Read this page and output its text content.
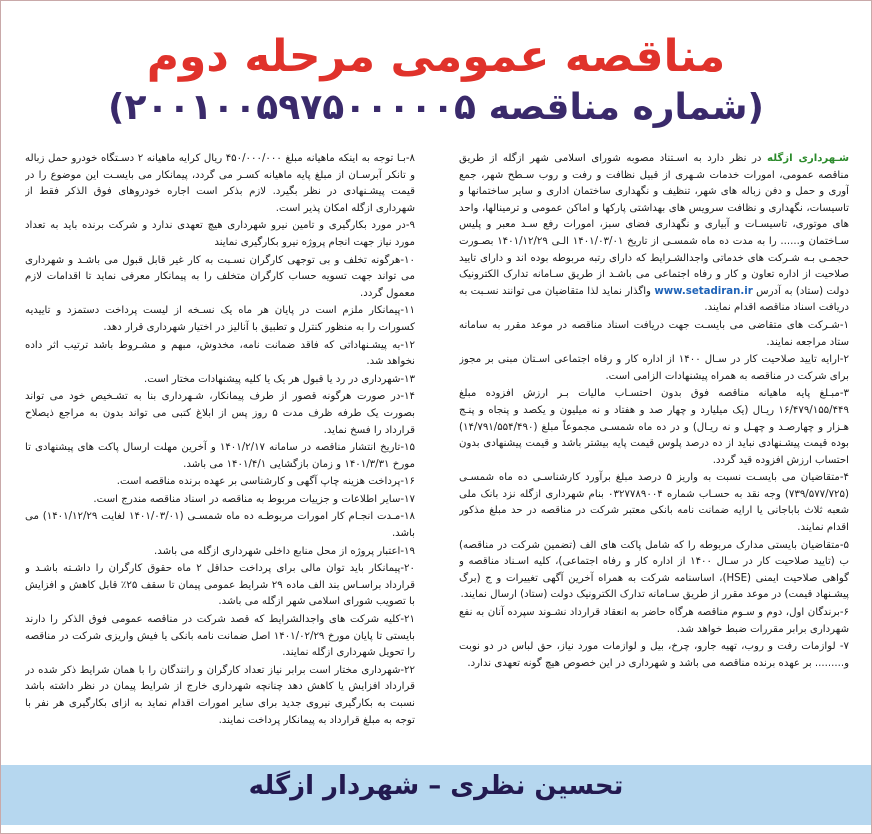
مناقصه عمومی مرحله دوم
(شماره مناقصه ۲۰۰۱۰۰۵۹۷۵۰۰۰۰۰۵)

شـهرداری ازگله در نظر دارد به اسـتناد مصوبه شورای اسلامی شهر ازگله از طریق مناقصه عمومی، امورات خدمات شـهری از قبیل نظافت و رفت و روب سـطح شهر، جمع آوری و حمل و دفن زباله های شهر، تنظیف و نگهداری ساختمان اداری و سایر ساختمانها و تاسیسات، نگهداری و نظافت سرویس های بهداشتی پارکها و اماکن عمومی و ترمینالها، واحد های موتوری، تاسیسـات و آبیاری و نگهداری فضای سبز، امورات رفع سـد معبر و پلیس سـاختمان و...... را به مدت ده ماه شمسـی از تاریخ ۱۴۰۱/۰۳/۰۱ الـی ۱۴۰۱/۱۲/۲۹ بصـورت حجمـی بـه شـرکت های خدماتی واجدالشـرایط که دارای رتبه مربوطه بوده اند و دارای تایید صلاحیت از اداره تعاون و کار و رفاه اجتماعی می باشـد از طریق سـامانه تدارک الکترونیک دولت (ستاد) به آدرس www.setadiran.ir واگذار نماید لذا متقاضیان می توانند نسـبت به دریافت اسناد مناقصه اقدام نمایند.

۱-شـرکت های متقاضی می بایسـت جهت دریافت اسناد مناقصه در موعد مقرر به سامانه ستاد مراجعه نمایند.

۲-ارایه تایید صلاحیت کار در سـال ۱۴۰۰ از اداره کار و رفاه اجتماعی اسـتان مبنی بر مجوز برای شرکت در مناقصه به همراه پیشنهادات الزامی است.

۳-مبـلغ پایه ماهیانه مناقصه فوق بدون احتسـاب مالیات بـر ارزش افزوده مبلغ ۱۶/۴۷۹/۱۵۵/۴۴۹ ریـال (یک میلیارد و چهار صد و هفتاد و نه میلیون و یکصد و پنجاه و پنـج هـزار و چهارصـد و چهـل و نه ریـال) و در ده ماه شمسـی مجموعاً مبلغ (۱۴/۷۹۱/۵۵۴/۴۹۰) بوده قیمت پیشـنهادی نباید از ده درصد پلوس قیمت پایه بیشتر باشد و قیمت پیشنهادی بدون احتساب ارزش افزوده قید گردد.

۴-متقاضیان می بایسـت نسبت به واریز ۵ درصد مبلغ برآورد کارشناسـی ده ماه شمسـی (۷۳۹/۵۷۷/۷۲۵) وجه نقد به حسـاب شماره ۰۳۲۷۷۸۹۰۰۴ بنام شهرداری ازگله نزد بانک ملی شعبه ثلاث باباجانی یا ارایه ضمانت نامه بانکی معتبر شرکت در مناقصه در حد مبلغ مذکور اقدام نمایند.

۵-متقاضیان بایستی مدارک مربوطه را که شامل پاکت های الف (تضمین شرکت در مناقصه) ب (تایید صلاحیت کار در سـال ۱۴۰۰ از اداره کار و رفاه اجتماعی)، کلیه اسـناد مناقصه و گواهی صلاحیت ایمنی (HSE)، اساسنامه شرکت به همراه آخرین آگهی تغییرات و ج (برگ پیشـنهاد قیمت) در موعد مقرر از طریق سـامانه تدارک الکترونیک دولت (ستاد) ارسال نمایند.

۶-برندگان اول، دوم و سـوم مناقصه هرگاه حاضر به انعقاد قرارداد نشـوند سپرده آنان به نفع شهرداری برابر مقررات ضبط خواهد شد.

۷- لوازمات رفت و روب، تهیه جارو، چرخ، بیل و لوازمات مورد نیاز، حق لباس در دو نوبت و......... بر عهده برنده مناقصه می باشد و شهرداری در این خصوص هیچ گونه تعهدی ندارد.

۸-بـا توجه به اینکه ماهیانه مبلغ ۴۵۰/۰۰۰/۰۰۰ ریال کرایه ماهیانه ۲ دسـتگاه خودرو حمل زباله و تانکر آبرسـان از مبلغ پایه ماهیانه کسـر می گردد، پیمانکار می بایسـت این موضوع را در قیمت پیشـنهادی در نظر بگیرد. لازم بذکر است اجاره خودروهای فوق الذکر فقط از شهرداری ازگله امکان پذیر است.

۹-در مورد بکارگیری و تامین نیرو شهرداری هیچ تعهدی ندارد و شرکت برنده باید به تعداد مورد نیاز جهت انجام پروژه نیرو بکارگیری نمایند

۱۰-هرگونه تخلف و بی توجهی کارگران نسـبت به کار غیر قابل قبول می باشـد و شهرداری می تواند جهت تسویه حساب کارگران متخلف را به پیمانکار معرفی نماید تا اقدامات لازم معمول گردد.

۱۱-پیمانکار ملزم است در پایان هر ماه یک نسـخه از لیست پرداخت دستمزد و تاییدیه کسورات را به منظور کنترل و تطبیق با آنالیز در اختیار شهرداری قرار دهد.

۱۲-به پیشـنهاداتی که فاقد ضمانت نامه، مخدوش، مبهم و مشـروط باشد ترتیب اثر داده نخواهد شد.

۱۳-شهرداری در رد یا قبول هر یک یا کلیه پیشنهادات مختار است.

۱۴-در صورت هرگونه قصور از طرف پیمانکار، شـهرداری بنا به تشـخیص خود می تواند بصورت یک طرفه ظرف مدت ۵ روز پس از ابلاغ کتبی می تواند بدون به مراجع ذیصلاح قرارداد را فسخ نماید.

۱۵-تاریخ انتشار مناقصه در سامانه ۱۴۰۱/۲/۱۷ و آخرین مهلت ارسال پاکت های پیشنهادی تا مورخ ۱۴۰۱/۳/۳۱ و زمان بازگشایی ۱۴۰۱/۴/۱ می باشد.

۱۶-پرداخت هزینه چاپ آگهی و کارشناسی بر عهده برنده مناقصه است.

۱۷-سایر اطلاعات و جزییات مربوط به مناقصه در اسناد مناقصه مندرج است.

۱۸-مـدت انجـام کار امورات مربوطـه ده ماه شمسـی (۱۴۰۱/۰۳/۰۱ لغایت ۱۴۰۱/۱۲/۲۹) می باشد.

۱۹-اعتبار پروژه از محل منابع داخلی شهرداری ازگله می باشد.

۲۰-پیمانکار باید توان مالی برای پرداخت حداقل ۲ ماه حقوق کارگران را داشـته باشـد و قرارداد براسـاس بند الف ماده ۲۹ شرایط عمومی پیمان تا سقف ۲۵٪ قابل کاهش و افزایش با تصویب شورای اسلامی شهر ازگله می باشد.

۲۱-کلیه شرکت های واجدالشرایط که قصد شرکت در مناقصه عمومی فوق الذکر را دارند بایستی تا پایان مورخ ۱۴۰۱/۰۲/۲۹ اصل ضمانت نامه بانکی یا فیش واریزی شرکت در مناقصه را تحویل شهرداری ازگله نمایند.

۲۲-شهرداری مختار است برابر نیاز تعداد کارگران و رانندگان را با همان شرایط ذکر شده در قرارداد افزایش یا کاهش دهد چنانچه شهرداری خارج از شرایط پیمان در نظر داشته باشد نسبت به بکارگیری نیروی جدید برای سایر امورات اقدام نماید به ازای بکارگیری هر نفر با توجه به مبلغ قرارداد به پیمانکار پرداخت نمایند.

تحسین نظری – شهردار ازگله
